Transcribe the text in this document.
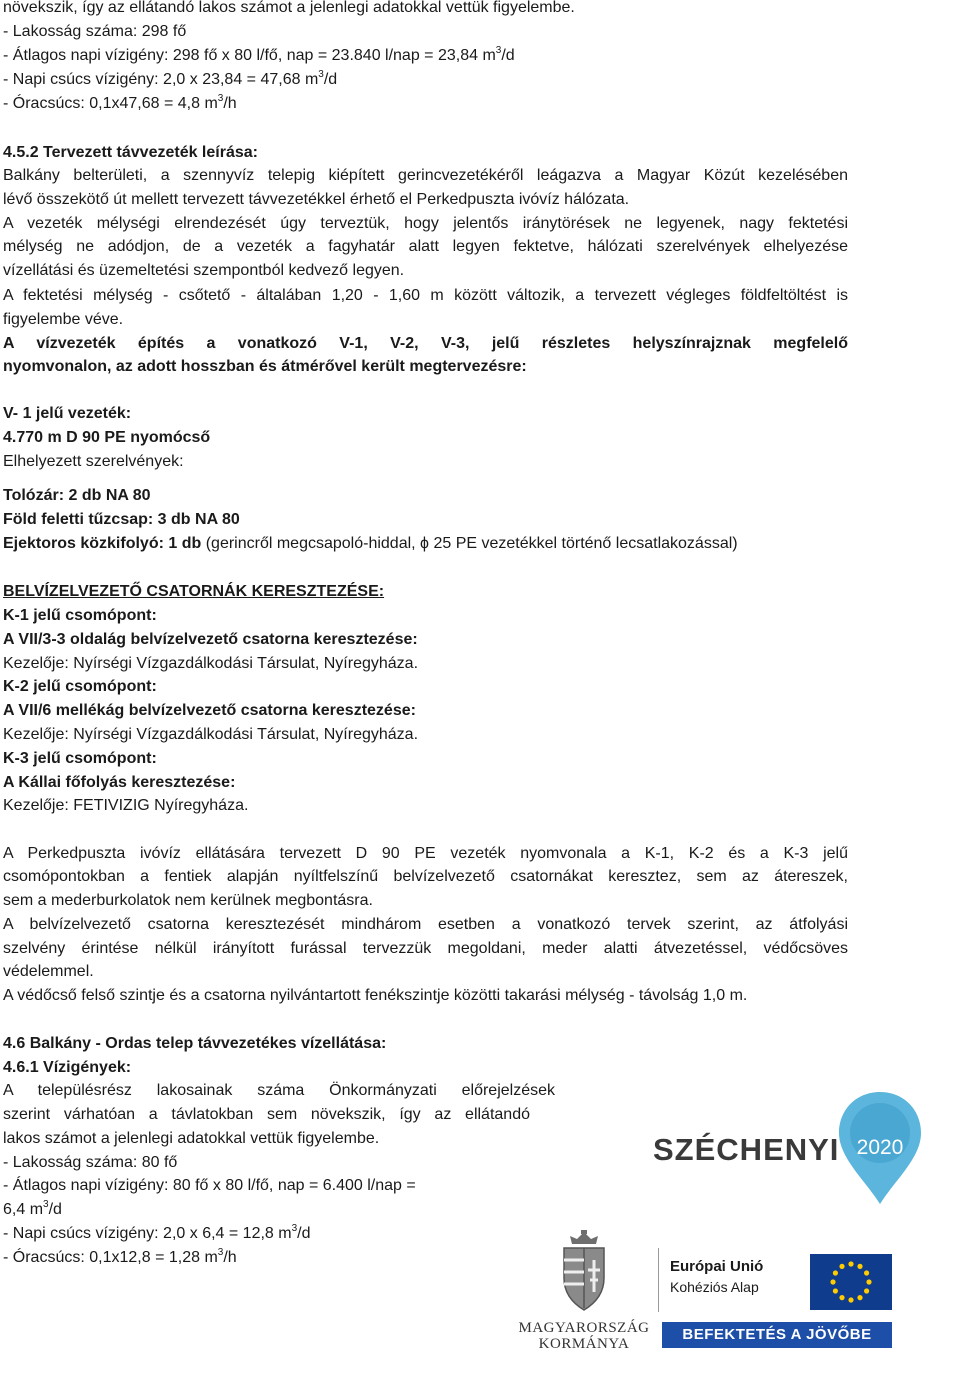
növekszik, így az ellátandó lakos számot a jelenlegi adatokkal vettük figyelembe.
- Lakosság száma: 298 fő
- Átlagos napi vízigény: 298 fő x 80 l/fő, nap = 23.840 l/nap = 23,84 $m^3/d$
- Napi csúcs vízigény: 2,0 x 23,84 = 47,68 $m^3/d$
- Óracsúcs: 0,1x47,68 = 4,8 $m^3/h$
4.5.2 Tervezett távvezeték leírása:
Balkány belterületi, a szennyvíz telepig kiépített gerincvezetékéről leágazva a Magyar Közút kezelésében
lévő összekötő út mellett tervezett távvezetékkel érhető el Perkedpuszta ivóvíz hálózata.
A vezeték mélységi elrendezését úgy terveztük, hogy jelentős iránytörések ne legyenek, nagy fektetési
mélység ne adódjon, de a vezeték a fagyhatár alatt legyen fektetve, hálózati szerelvények elhelyezése
vízellátási és üzemeltetési szempontból kedvező legyen.
A fektetési mélység - csőtető - általában 1,20 - 1,60 m között változik, a tervezett végleges földfeltöltést is
figyelembe véve.
A vízvezeték építés a vonatkozó V-1, V-2, V-3, jelű részletes helyszínrajznak megfelelő
nyomvonalon, az adott hosszban és átmérővel került megtervezésre:
V- 1 jelű vezeték:
4.770 m D 90 PE nyomócső
Elhelyezett szerelvények:
Tolózár: 2 db NA 80
Föld feletti tűzcsap: 3 db NA 80
Ejektoros közkifolyó: 1 db (gerincről megcsapoló-hiddal, ϕ 25 PE vezetékkel történő lecsatlakozással)
BELVÍZELVEZETŐ CSATORNÁK KERESZTEZÉSE:
K-1 jelű csomópont:
A VII/3-3 oldalág belvízelvezető csatorna keresztezése:
Kezelője: Nyírségi Vízgazdálkodási Társulat, Nyíregyháza.
K-2 jelű csomópont:
A VII/6 mellékág belvízelvezető csatorna keresztezése:
Kezelője: Nyírségi Vízgazdálkodási Társulat, Nyíregyháza.
K-3 jelű csomópont:
A Kállai főfolyás keresztezése:
Kezelője: FETIVIZIG Nyíregyháza.
A Perkedpuszta ivóvíz ellátására tervezett D 90 PE vezeték nyomvonala a K-1, K-2 és a K-3 jelű
csomópontokban a fentiek alapján nyíltfelszínű belvízelvezető csatornákat keresztez, sem az átereszek,
sem a mederburkolatok nem kerülnek megbontásra.
A belvízelvezető csatorna keresztezését mindhárom esetben a vonatkozó tervek szerint, az átfolyási
szelvény érintése nélkül irányított furással tervezzük megoldani, meder alatti átvezetéssel, védőcsöves
védelemmel.
A védőcső felső szintje és a csatorna nyilvántartott fenékszintje közötti takarási mélység - távolság 1,0 m.
4.6 Balkány - Ordas telep távvezetékes vízellátása:
4.6.1 Vízigények:
A településrész lakosainak száma Önkormányzati előrejelzések
szerint várhatóan a távlatokban sem növekszik, így az ellátandó
lakos számot a jelenlegi adatokkal vettük figyelembe.
- Lakosság száma: 80 fő
- Átlagos napi vízigény: 80 fő x 80 l/fő, nap = 6.400 l/nap =
6,4 $m^3/d$
- Napi csúcs vízigény: 2,0 x 6,4 = 12,8 $m^3/d$
- Óracsúcs: 0,1x12,8 = 1,28 $m^3/h$
SZÉCHENYI 2020
MAGYARORSZÁG
KORMÁNYA
Európai Unió
Kohéziós Alap
BEFEKTETÉS A JÖVŐBE
